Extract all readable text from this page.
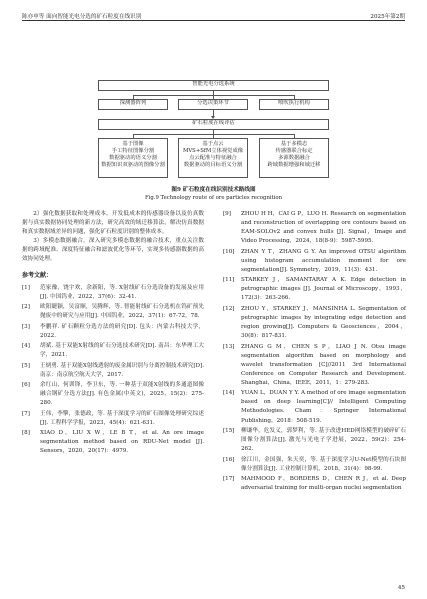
陈亦申等 面向智能光电分选的矿石粒度在线识别	2025年第2期
智能光电分选系统
探测器阵列	分选决策环节	喷吹执行机构
矿石粒度在线评估
基于图像
手工特征图像分割
数据驱动的语义分割
数据知识双驱动的图像分割
基于点云
MVS+SfM立体视觉成像
点云配准与特征融合
数据驱动的目标语义分割
基于多模态
传感器联合标定
多源数据融合
跨域数据增强和域迁移
图9 矿石粒度在线识别技术路线图
Fig.9 Technology route of ore particles recognition

2）强化数据获取和处理成本。开发低成本的传感器设备以及仿真数据与真实数据协同处理的新方法，研究高效的域迁移算法，解决仿真数据和真实数据域差异的问题，强化矿石粒度识别的整体成本。

3）多模态数据融合。深入研究多模态数据的融合技术，重点关注数据的跨域配准、深度特征融合和滤波优化等环节，实现多传感器数据的高效协同处理。

参考文献：
[1]	范家豫，饶宇欢，余新阳，等. X射线矿石分选设备的发展及应用[J]. 中国钨业，2022，37(6)：32-41.
[2]	欧阳睫颖，吴富顺，吴腾辉，等. 智能射线矿石分选机在钨矿预先抛废中的研究与应用[J]. 中国钨业，2022，37(1)：67-72，78.
[3]	李鹏祥. 矿石颗粒分选方法的研究[D]. 包头：内蒙古科技大学，2022.
[4]	胡斌. 基于双能X射线的矿石分选技术研究[D]. 南昌：东华理工大学，2021.
[5]	王炳勇. 基于双能X射线透射的废金属识别与分离控制技术研究[D]. 南京：南京航空航天大学，2017.
[6]	余红山，何训锋，李卫东，等. 一种基于双能X射线的多通道图像融合钢矿分选方法[J]. 有色金属(中英文)，2025，15(2)：275-280.
[7]	王伟，李擎，张德政，等. 基于深度学习的矿石图像处理研究综述[J]. 工程科学学报，2023，45(4)：621-631.
[8]	XIAO D，LIU X W，LE B T，et al. An ore image segmentation method based on RDU-Net model [J]. Sensors，2020，20(17)：4979.
[9]	ZHOU H H，CAI G P，LUO H. Research on segmentation and reconstruction of overlapping ore contours based on EAM-SOLOv2 and convex hulls [J]. Signal，Image and Video Processing，2024，18(8-9)：5987-5995.
[10]	ZHAN Y T，ZHANG G Y. An improved OTSU algorithm using histogram accumulation moment for ore segmentation[J]. Symmetry，2019，11(3)：431.
[11]	STARKEY J，SAMANTARAY A K. Edge detection in petrographic images [J]. Journal of Microscopy，1993，172(3)：263-266.
[12]	ZHOU Y，STARKEY J，MANSINHA L. Segmentation of petrographic images by integrating edge detection and region growing[J]. Computers & Geosciences，2004，30(8)：817-831.
[13]	ZHANG G M，CHEN S P，LIAO J N. Otsu image segmentation algorithm based on morphology and wavelet transformation [C]//2011 3rd International Conference on Computer Research and Development. Shanghai，China，IEEE，2011，1：279-283.
[14]	YUAN L，DUAN Y Y. A method of ore image segmentation based on deep learning[C]// Intelligent Computing Methodologies. Cham：Springer International Publishing，2018：508-519.
[15]	柳谦华，危发义，郭梦利，等. 基于改进HED网络模型的破碎矿石图像分割算法[J]. 激光与光电子学进展，2022，59(2)：254-262.
[16]	徐江川，金国强，朱天奕，等. 基于深度学习U-Net模型的石块图像分割算法[J]. 工业控制计算机，2018，31(4)：98-99.
[17]	MAHMOOD F，BORDERS D，CHEN R J，et al. Deep adversarial training for multi-organ nuclei segmentation
45
